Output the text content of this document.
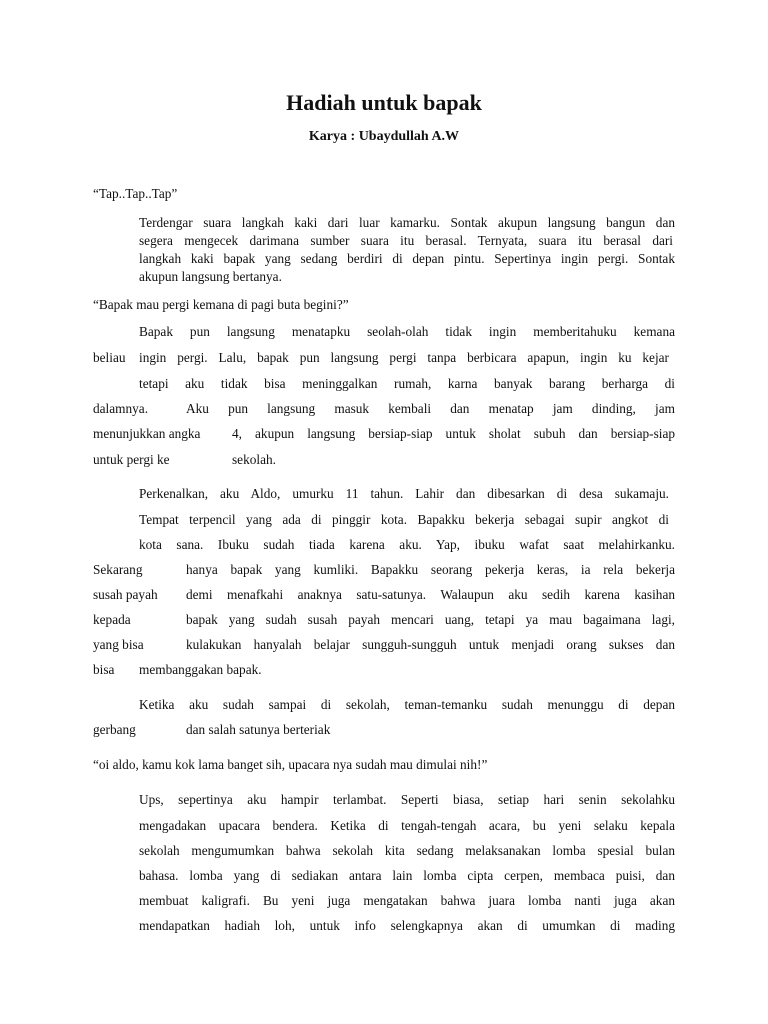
Hadiah untuk bapak
Karya : Ubaydullah A.W
“Tap..Tap..Tap”
Terdengar suara langkah kaki dari luar kamarku. Sontak akupun langsung bangun dan
segera mengecek darimana sumber suara itu berasal. Ternyata, suara itu berasal dari
langkah kaki bapak yang sedang berdiri di depan pintu. Sepertinya ingin pergi. Sontak
akupun langsung bertanya.
“Bapak mau pergi kemana di pagi buta begini?”
Bapak pun langsung menatapku seolah-olah tidak ingin memberitahuku kemana
beliau ingin pergi. Lalu, bapak pun langsung pergi tanpa berbicara apapun, ingin ku kejar
tetapi aku tidak bisa meninggalkan rumah, karna banyak barang berharga di
dalamnya.	Aku pun langsung masuk kembali dan menatap jam dinding, jam
menunjukkan angka 4, akupun langsung bersiap-siap untuk sholat subuh dan bersiap-siap
untuk pergi ke	sekolah.
Perkenalkan, aku Aldo, umurku 11 tahun. Lahir dan dibesarkan di desa sukamaju.
Tempat terpencil yang ada di pinggir kota. Bapakku bekerja sebagai supir angkot di
kota sana. Ibuku sudah tiada karena aku. Yap, ibuku wafat saat melahirkanku.
Sekarang	hanya bapak yang kumliki. Bapakku seorang pekerja keras, ia rela bekerja
susah payah demi menafkahi anaknya satu-satunya. Walaupun aku sedih karena kasihan
kepada	bapak yang sudah susah payah mencari uang, tetapi ya mau bagaimana lagi,
yang bisa	kulakukan hanyalah belajar sungguh-sungguh untuk menjadi orang sukses dan
bisa membanggakan bapak.
Ketika aku sudah sampai di sekolah, teman-temanku sudah menunggu di depan
gerbang	dan salah satunya berteriak
“oi aldo, kamu kok lama banget sih, upacara nya sudah mau dimulai nih!”
Ups, sepertinya aku hampir terlambat. Seperti biasa, setiap hari senin sekolahku
mengadakan upacara bendera. Ketika di tengah-tengah acara, bu yeni selaku kepala
sekolah mengumumkan bahwa sekolah kita sedang melaksanakan lomba spesial bulan
bahasa. lomba yang di sediakan antara lain lomba cipta cerpen, membaca puisi, dan
membuat kaligrafi. Bu yeni juga mengatakan bahwa juara lomba nanti juga akan
mendapatkan hadiah loh, untuk info selengkapnya akan di umumkan di mading
